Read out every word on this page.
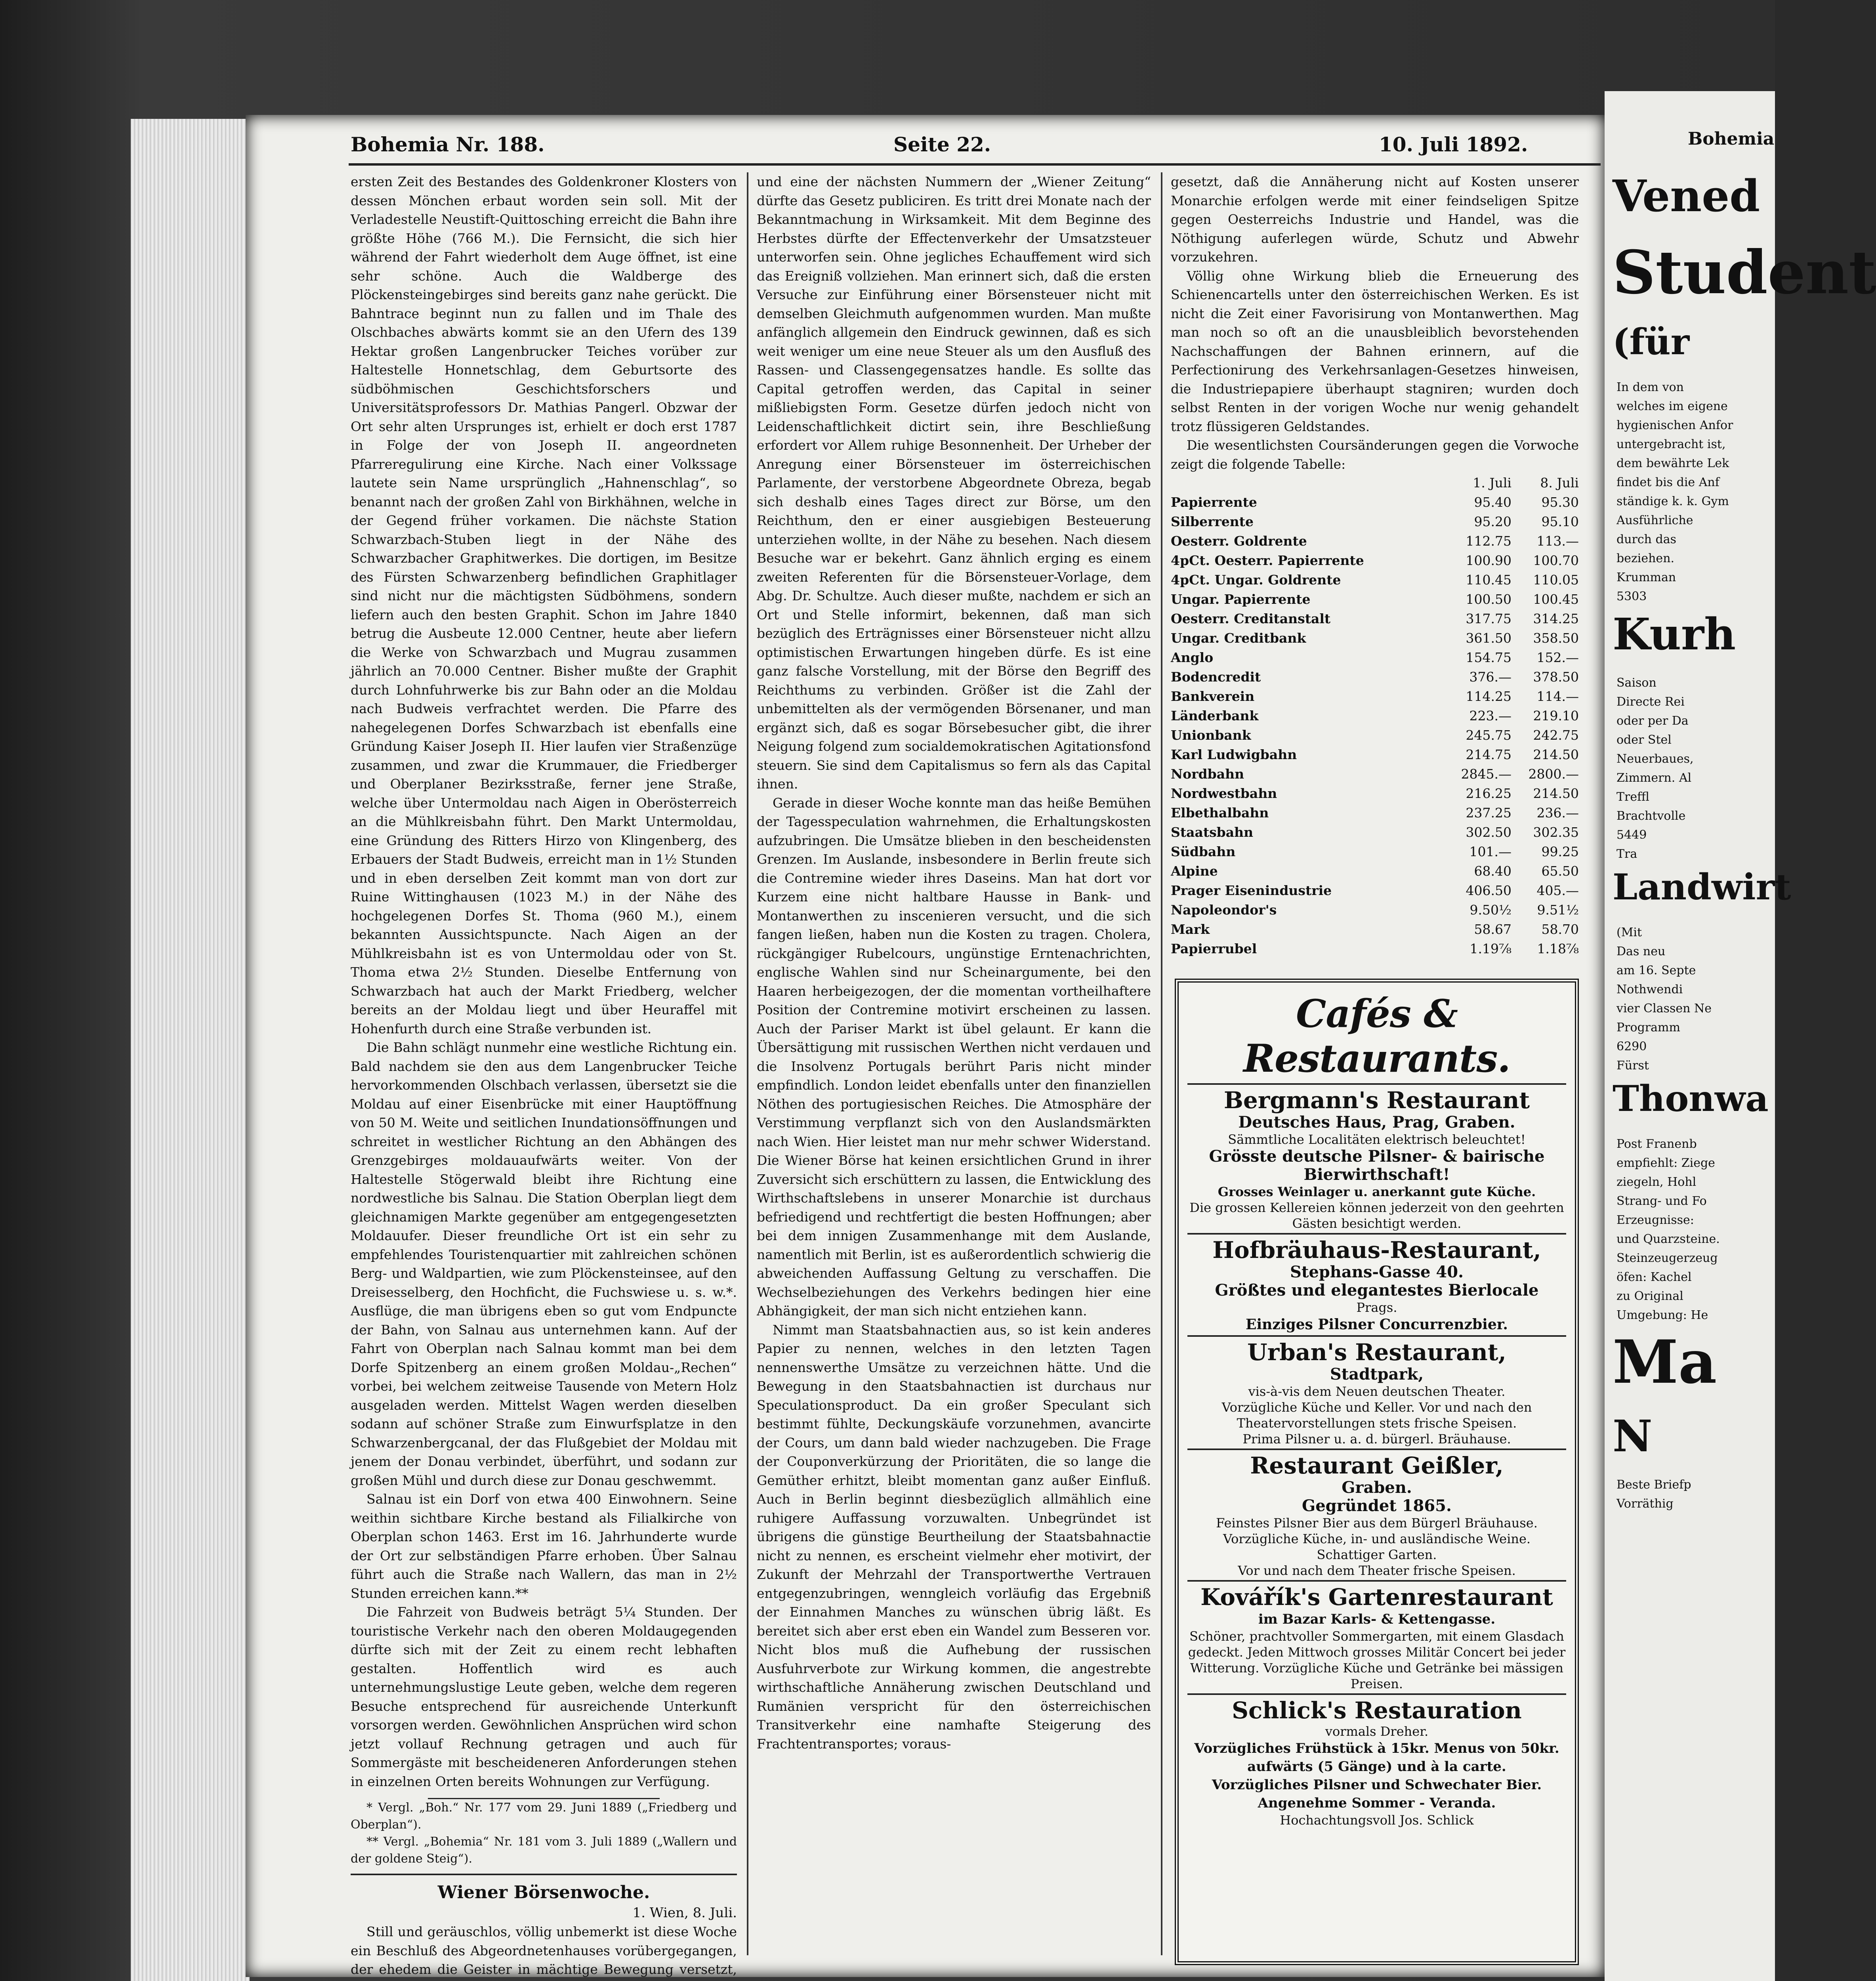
Bohemia Nr. 188.	Seite 22.	10. Juli 1892.

ersten Zeit des Bestandes des Goldenkroner Klosters von dessen Mönchen erbaut worden sein soll. Mit der Verladestelle Neustift-Quittosching erreicht die Bahn ihre größte Höhe (766 M.). Die Fernsicht, die sich hier während der Fahrt wiederholt dem Auge öffnet, ist eine sehr schöne. Auch die Waldberge des Plöckensteingebirges sind bereits ganz nahe gerückt. Die Bahntrace beginnt nun zu fallen und im Thale des Olschbaches abwärts kommt sie an den Ufern des 139 Hektar großen Langenbrucker Teiches vorüber zur Haltestelle Honnetschlag, dem Geburtsorte des südböhmischen Geschichtsforschers und Universitätsprofessors Dr. Mathias Pangerl. Obzwar der Ort sehr alten Ursprunges ist, erhielt er doch erst 1787 in Folge der von Joseph II. angeordneten Pfarreregulirung eine Kirche. Nach einer Volkssage lautete sein Name ursprünglich „Hahnenschlag“, so benannt nach der großen Zahl von Birkhähnen, welche in der Gegend früher vorkamen. Die nächste Station Schwarzbach-Stuben liegt in der Nähe des Schwarzbacher Graphitwerkes. Die dortigen, im Besitze des Fürsten Schwarzenberg befindlichen Graphitlager sind nicht nur die mächtigsten Südböhmens, sondern liefern auch den besten Graphit. Schon im Jahre 1840 betrug die Ausbeute 12.000 Centner, heute aber liefern die Werke von Schwarzbach und Mugrau zusammen jährlich an 70.000 Centner. Bisher mußte der Graphit durch Lohnfuhrwerke bis zur Bahn oder an die Moldau nach Budweis verfrachtet werden. Die Pfarre des nahegelegenen Dorfes Schwarzbach ist ebenfalls eine Gründung Kaiser Joseph II. Hier laufen vier Straßenzüge zusammen, und zwar die Krummauer, die Friedberger und Oberplaner Bezirksstraße, ferner jene Straße, welche über Untermoldau nach Aigen in Oberösterreich an die Mühlkreisbahn führt. Den Markt Untermoldau, eine Gründung des Ritters Hirzo von Klingenberg, des Erbauers der Stadt Budweis, erreicht man in 1½ Stunden und in eben derselben Zeit kommt man von dort zur Ruine Wittinghausen (1023 M.) in der Nähe des hochgelegenen Dorfes St. Thoma (960 M.), einem bekannten Aussichtspuncte. Nach Aigen an der Mühlkreisbahn ist es von Untermoldau oder von St. Thoma etwa 2½ Stunden. Dieselbe Entfernung von Schwarzbach hat auch der Markt Friedberg, welcher bereits an der Moldau liegt und über Heuraffel mit Hohenfurth durch eine Straße verbunden ist.

Die Bahn schlägt nunmehr eine westliche Richtung ein. Bald nachdem sie den aus dem Langenbrucker Teiche hervorkommenden Olschbach verlassen, übersetzt sie die Moldau auf einer Eisenbrücke mit einer Hauptöffnung von 50 M. Weite und seitlichen Inundationsöffnungen und schreitet in westlicher Richtung an den Abhängen des Grenzgebirges moldauaufwärts weiter. Von der Haltestelle Stögerwald bleibt ihre Richtung eine nordwestliche bis Salnau. Die Station Oberplan liegt dem gleichnamigen Markte gegenüber am entgegengesetzten Moldauufer. Dieser freundliche Ort ist ein sehr zu empfehlendes Touristenquartier mit zahlreichen schönen Berg- und Waldpartien, wie zum Plöckensteinsee, auf den Dreisesselberg, den Hochficht, die Fuchswiese u. s. w.*. Ausflüge, die man übrigens eben so gut vom Endpuncte der Bahn, von Salnau aus unternehmen kann. Auf der Fahrt von Oberplan nach Salnau kommt man bei dem Dorfe Spitzenberg an einem großen Moldau-„Rechen“ vorbei, bei welchem zeitweise Tausende von Metern Holz ausgeladen werden. Mittelst Wagen werden dieselben sodann auf schöner Straße zum Einwurfsplatze in den Schwarzenbergcanal, der das Flußgebiet der Moldau mit jenem der Donau verbindet, überführt, und sodann zur großen Mühl und durch diese zur Donau geschwemmt.

Salnau ist ein Dorf von etwa 400 Einwohnern. Seine weithin sichtbare Kirche bestand als Filialkirche von Oberplan schon 1463. Erst im 16. Jahrhunderte wurde der Ort zur selbständigen Pfarre erhoben. Über Salnau führt auch die Straße nach Wallern, das man in 2½ Stunden erreichen kann.**

Die Fahrzeit von Budweis beträgt 5¼ Stunden. Der touristische Verkehr nach den oberen Moldaugegenden dürfte sich mit der Zeit zu einem recht lebhaften gestalten. Hoffentlich wird es auch unternehmungslustige Leute geben, welche dem regeren Besuche entsprechend für ausreichende Unterkunft vorsorgen werden. Gewöhnlichen Ansprüchen wird schon jetzt vollauf Rechnung getragen und auch für Sommergäste mit bescheideneren Anforderungen stehen in einzelnen Orten bereits Wohnungen zur Verfügung.

* Vergl. „Boh.“ Nr. 177 vom 29. Juni 1889 („Friedberg und Oberplan“).

** Vergl. „Bohemia“ Nr. 181 vom 3. Juli 1889 („Wallern und der goldene Steig“).

Wiener Börsenwoche.
1. Wien, 8. Juli.

Still und geräuschlos, völlig unbemerkt ist diese Woche ein Beschluß des Abgeordnetenhauses vorübergegangen, der ehedem die Geister in mächtige Bewegung versetzt,

und eine der nächsten Nummern der „Wiener Zeitung“ dürfte das Gesetz publiciren. Es tritt drei Monate nach der Bekanntmachung in Wirksamkeit. Mit dem Beginne des Herbstes dürfte der Effectenverkehr der Umsatzsteuer unterworfen sein. Ohne jegliches Echauffement wird sich das Ereigniß vollziehen. Man erinnert sich, daß die ersten Versuche zur Einführung einer Börsensteuer nicht mit demselben Gleichmuth aufgenommen wurden. Man mußte anfänglich allgemein den Eindruck gewinnen, daß es sich weit weniger um eine neue Steuer als um den Ausfluß des Rassen- und Classengegensatzes handle. Es sollte das Capital getroffen werden, das Capital in seiner mißliebigsten Form. Gesetze dürfen jedoch nicht von Leidenschaftlichkeit dictirt sein, ihre Beschließung erfordert vor Allem ruhige Besonnenheit. Der Urheber der Anregung einer Börsensteuer im österreichischen Parlamente, der verstorbene Abgeordnete Obreza, begab sich deshalb eines Tages direct zur Börse, um den Reichthum, den er einer ausgiebigen Besteuerung unterziehen wollte, in der Nähe zu besehen. Nach diesem Besuche war er bekehrt. Ganz ähnlich erging es einem zweiten Referenten für die Börsensteuer-Vorlage, dem Abg. Dr. Schultze. Auch dieser mußte, nachdem er sich an Ort und Stelle informirt, bekennen, daß man sich bezüglich des Erträgnisses einer Börsensteuer nicht allzu optimistischen Erwartungen hingeben dürfe. Es ist eine ganz falsche Vorstellung, mit der Börse den Begriff des Reichthums zu verbinden. Größer ist die Zahl der unbemittelten als der vermögenden Börsenaner, und man ergänzt sich, daß es sogar Börsebesucher gibt, die ihrer Neigung folgend zum socialdemokratischen Agitationsfond steuern. Sie sind dem Capitalismus so fern als das Capital ihnen.

Gerade in dieser Woche konnte man das heiße Bemühen der Tagesspeculation wahrnehmen, die Erhaltungskosten aufzubringen. Die Umsätze blieben in den bescheidensten Grenzen. Im Auslande, insbesondere in Berlin freute sich die Contremine wieder ihres Daseins. Man hat dort vor Kurzem eine nicht haltbare Hausse in Bank- und Montanwerthen zu inscenieren versucht, und die sich fangen ließen, haben nun die Kosten zu tragen. Cholera, rückgängiger Rubelcours, ungünstige Erntenachrichten, englische Wahlen sind nur Scheinargumente, bei den Haaren herbeigezogen, der die momentan vortheilhaftere Position der Contremine motivirt erscheinen zu lassen. Auch der Pariser Markt ist übel gelaunt. Er kann die Übersättigung mit russischen Werthen nicht verdauen und die Insolvenz Portugals berührt Paris nicht minder empfindlich. London leidet ebenfalls unter den finanziellen Nöthen des portugiesischen Reiches. Die Atmosphäre der Verstimmung verpflanzt sich von den Auslandsmärkten nach Wien. Hier leistet man nur mehr schwer Widerstand. Die Wiener Börse hat keinen ersichtlichen Grund in ihrer Zuversicht sich erschüttern zu lassen, die Entwicklung des Wirthschaftslebens in unserer Monarchie ist durchaus befriedigend und rechtfertigt die besten Hoffnungen; aber bei dem innigen Zusammenhange mit dem Auslande, namentlich mit Berlin, ist es außerordentlich schwierig die abweichenden Auffassung Geltung zu verschaffen. Die Wechselbeziehungen des Verkehrs bedingen hier eine Abhängigkeit, der man sich nicht entziehen kann.

Nimmt man Staatsbahnactien aus, so ist kein anderes Papier zu nennen, welches in den letzten Tagen nennenswerthe Umsätze zu verzeichnen hätte. Und die Bewegung in den Staatsbahnactien ist durchaus nur Speculationsproduct. Da ein großer Speculant sich bestimmt fühlte, Deckungskäufe vorzunehmen, avancirte der Cours, um dann bald wieder nachzugeben. Die Frage der Couponverkürzung der Prioritäten, die so lange die Gemüther erhitzt, bleibt momentan ganz außer Einfluß. Auch in Berlin beginnt diesbezüglich allmählich eine ruhigere Auffassung vorzuwalten. Unbegründet ist übrigens die günstige Beurtheilung der Staatsbahnactie nicht zu nennen, es erscheint vielmehr eher motivirt, der Zukunft der Mehrzahl der Transportwerthe Vertrauen entgegenzubringen, wenngleich vorläufig das Ergebniß der Einnahmen Manches zu wünschen übrig läßt. Es bereitet sich aber erst eben ein Wandel zum Besseren vor. Nicht blos muß die Aufhebung der russischen Ausfuhrverbote zur Wirkung kommen, die angestrebte wirthschaftliche Annäherung zwischen Deutschland und Rumänien verspricht für den österreichischen Transitverkehr eine namhafte Steigerung des Frachtentransportes; voraus-

gesetzt, daß die Annäherung nicht auf Kosten unserer Monarchie erfolgen werde mit einer feindseligen Spitze gegen Oesterreichs Industrie und Handel, was die Nöthigung auferlegen würde, Schutz und Abwehr vorzukehren.

Völlig ohne Wirkung blieb die Erneuerung des Schienencartells unter den österreichischen Werken. Es ist nicht die Zeit einer Favorisirung von Montanwerthen. Mag man noch so oft an die unausbleiblich bevorstehenden Nachschaffungen der Bahnen erinnern, auf die Perfectionirung des Verkehrsanlagen-Gesetzes hinweisen, die Industriepapiere überhaupt stagniren; wurden doch selbst Renten in der vorigen Woche nur wenig gehandelt trotz flüssigeren Geldstandes.

Die wesentlichsten Coursänderungen gegen die Vorwoche zeigt die folgende Tabelle:

1. Juli	8. Juli
Papierrente	95.40	95.30
Silberrente	95.20	95.10
Oesterr. Goldrente	112.75	113.—
4pCt. Oesterr. Papierrente	100.90	100.70
4pCt. Ungar. Goldrente	110.45	110.05
Ungar. Papierrente	100.50	100.45
Oesterr. Creditanstalt	317.75	314.25
Ungar. Creditbank	361.50	358.50
Anglo	154.75	152.—
Bodencredit	376.—	378.50
Bankverein	114.25	114.—
Länderbank	223.—	219.10
Unionbank	245.75	242.75
Karl Ludwigbahn	214.75	214.50
Nordbahn	2845.—	2800.—
Nordwestbahn	216.25	214.50
Elbethalbahn	237.25	236.—
Staatsbahn	302.50	302.35
Südbahn	101.—	99.25
Alpine	68.40	65.50
Prager Eisenindustrie	406.50	405.—
Napoleondor's	9.50½	9.51½
Mark	58.67	58.70
Papierrubel	1.19⅞	1.18⅞
Cafés & Restaurants.
Bergmann's Restaurant
Deutsches Haus, Prag, Graben.
Sämmtliche Localitäten elektrisch beleuchtet!
Grösste deutsche Pilsner- & bairische Bierwirthschaft!
Grosses Weinlager u. anerkannt gute Küche.
Die grossen Kellereien können jederzeit von den geehrten Gästen besichtigt werden.
Hofbräuhaus-Restaurant,
Stephans-Gasse 40.
Größtes und elegantestes Bierlocale
Prags.
Einziges Pilsner Concurrenzbier.
Urban's Restaurant,
Stadtpark,
vis-à-vis dem Neuen deutschen Theater.
Vorzügliche Küche und Keller. Vor und nach den Theatervorstellungen stets frische Speisen.
Prima Pilsner u. a. d. bürgerl. Bräuhause.
Restaurant Geißler,
Graben.
Gegründet 1865.
Feinstes Pilsner Bier aus dem Bürgerl Bräuhause. Vorzügliche Küche, in- und ausländische Weine. Schattiger Garten.
Vor und nach dem Theater frische Speisen.
Kovářík's Gartenrestaurant
im Bazar Karls- & Kettengasse.
Schöner, prachtvoller Sommergarten, mit einem Glasdach gedeckt. Jeden Mittwoch grosses Militär Concert bei jeder Witterung. Vorzügliche Küche und Getränke bei mässigen Preisen.
Schlick's Restauration
vormals Dreher.
Vorzügliches Frühstück à 15kr. Menus von 50kr. aufwärts (5 Gänge) und à la carte.
Vorzügliches Pilsner und Schwechater Bier.
Angenehme Sommer - Veranda.
Hochachtungsvoll Jos. Schlick
Bohemia
Vened
Student
(für
In dem von
welches im eigene
hygienischen Anfor
untergebracht ist,
dem bewährte Lek
findet bis die Anf
ständige k. k. Gym
Ausführliche
durch das
beziehen.
Krumman
5303
Kurh
Saison
Directe Rei
oder per Da
oder Stel
Neuerbaues,
Zimmern. Al
Treffl
Brachtvolle
5449
Tra
Landwirt
(Mit
Das neu
am 16. Septe
Nothwendi
vier Classen Ne
Programm
6290
Fürst
Thonwa
Post Franenb
empfiehlt: Ziege
ziegeln, Hohl
Strang- und Fo
Erzeugnisse:
und Quarzsteine.
Steinzeugerzeug
öfen: Kachel
zu Original
Umgebung: He
Ma
N
Beste Briefp
Vorräthig
